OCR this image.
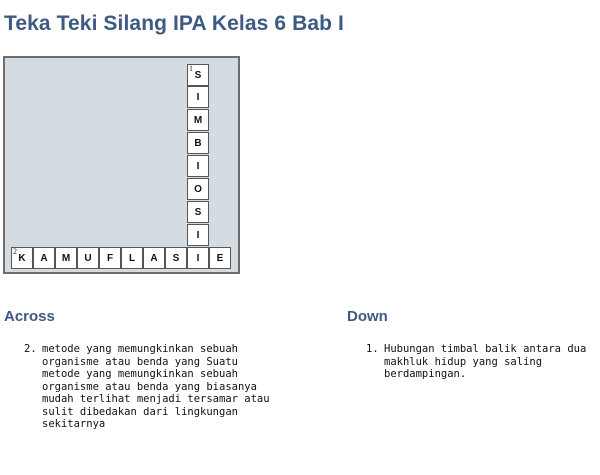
Teka Teki Silang IPA Kelas 6 Bab I
1
S
I
M
B
I
O
S
I
2
K A M U F L A S	E
I
Across
2. metode yang memungkinkan sebuah organisme atau benda yang Suatu metode yang memungkinkan sebuah organisme atau benda yang biasanya mudah terlihat menjadi tersamar atau sulit dibedakan dari lingkungan sekitarnya
Down
1. Hubungan timbal balik antara dua makhluk hidup yang saling berdampingan.
